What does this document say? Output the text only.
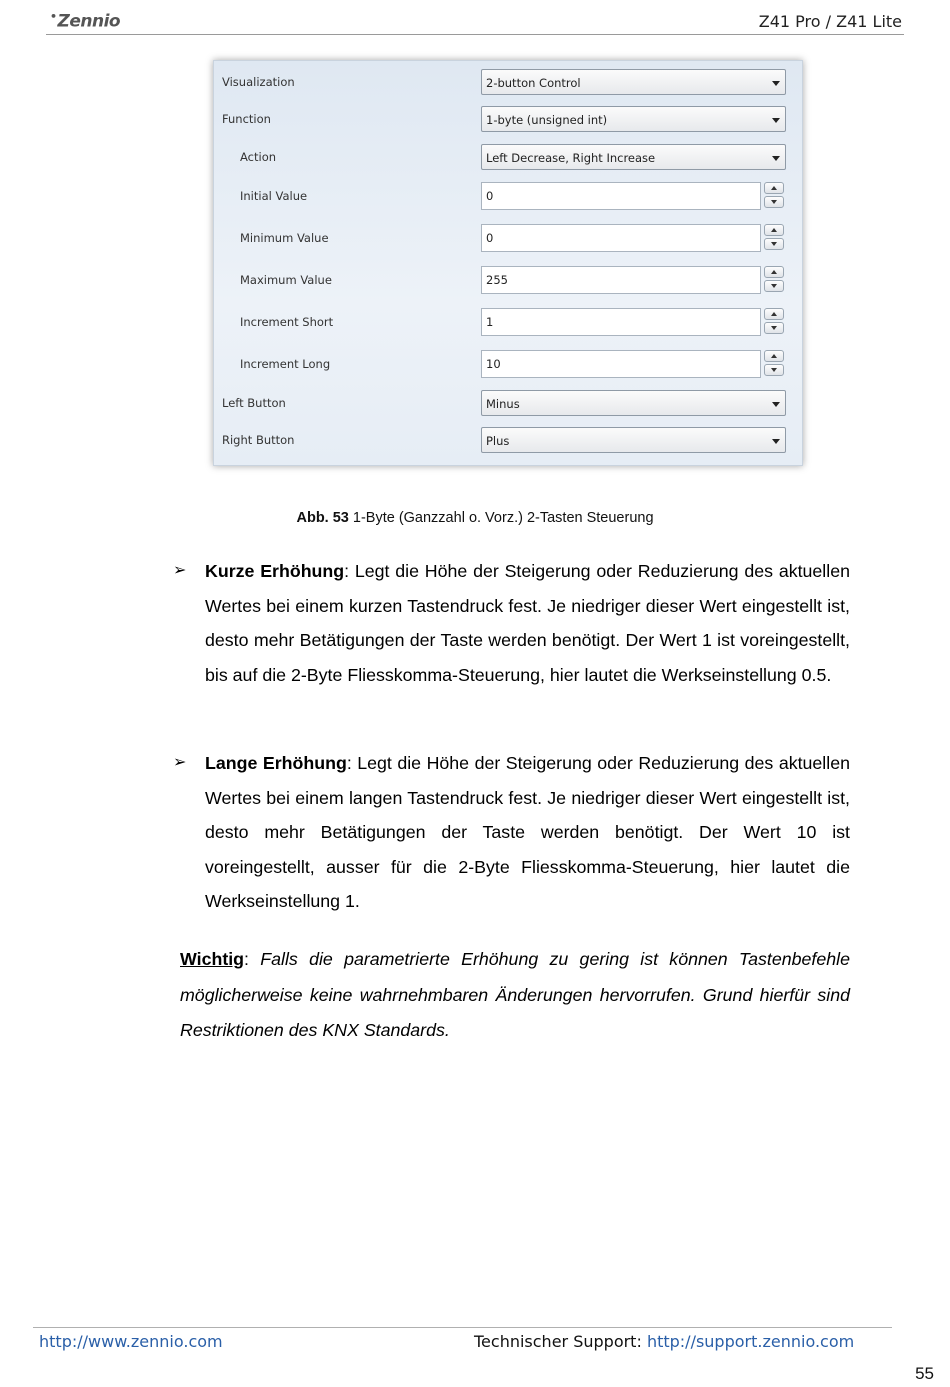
•Zennio	Z41 Pro / Z41 Lite
Visualization	2-button Control
Function	1-byte (unsigned int)
Action	Left Decrease, Right Increase
Initial Value	0
Minimum Value	0
Maximum Value	255
Increment Short	1
Increment Long	10
Left Button	Minus
Right Button	Plus
Abb. 53 1-Byte (Ganzzahl o. Vorz.) 2-Tasten Steuerung
➢ Kurze Erhöhung: Legt die Höhe der Steigerung oder Reduzierung des aktuellen Wertes bei einem kurzen Tastendruck fest. Je niedriger dieser Wert eingestellt ist, desto mehr Betätigungen der Taste werden benötigt. Der Wert 1 ist voreingestellt, bis auf die 2-Byte Fliesskomma-Steuerung, hier lautet die Werkseinstellung 0.5.
➢ Lange Erhöhung: Legt die Höhe der Steigerung oder Reduzierung des aktuellen Wertes bei einem langen Tastendruck fest. Je niedriger dieser Wert eingestellt ist, desto mehr Betätigungen der Taste werden benötigt. Der Wert 10 ist voreingestellt, ausser für die 2-Byte Fliesskomma-Steuerung, hier lautet die Werkseinstellung 1.
Wichtig: Falls die parametrierte Erhöhung zu gering ist können Tastenbefehle möglicherweise keine wahrnehmbaren Änderungen hervorrufen. Grund hierfür sind Restriktionen des KNX Standards.
http://www.zennio.com	Technischer Support: http://support.zennio.com
55
